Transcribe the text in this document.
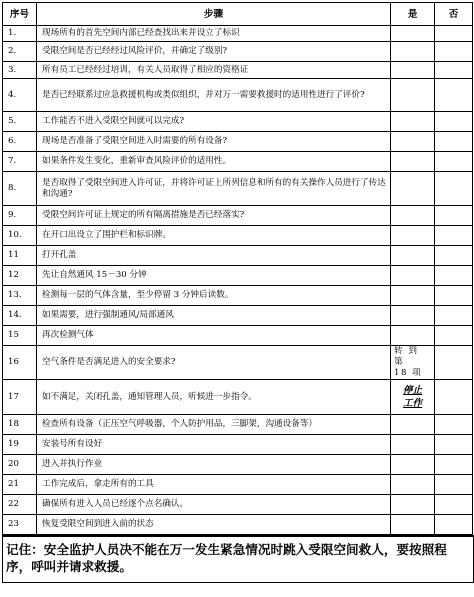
序号	步骤	是	否
1.	现场所有的首先空间内部已经查找出来并设立了标识		
2.	受限空间是否已经经过风险评价，并确定了级别?		
3.	所有员工已经经过培训，有关人员取得了相应的资格证		
4.	是否已经联系过应急救援机构或类似组织，并对万一需要救援时的适用性进行了评价?		
5.	工作能否不进入受限空间就可以完成?		
6.	现场是否准备了受限空间进入时需要的所有设备?		
7.	如果条件发生变化，重新审查风险评价的适用性。		
8.	是否取得了受限空间进入许可证，并将许可证上所列信息和所有的有关操作人员进行了传达和沟通?		
9.	受限空间许可证上规定的所有隔离措施是否已经落实?		
10.	在开口出设立了围护栏和标识牌。		
11	打开孔盖		
12	先让自然通风 15－30 分钟		
13.	检测每一层的气体含量，至少停留 3 分钟后读数。		
14.	如果需要，进行强制通风/局部通风		
15	再次检测气体		
16	空气条件是否满足进入的安全要求?	转 到 第
18 项	

17	如不满足，关闭孔盖，通知管理人员，听候进一步指令。	停止
工作	

18	检查所有设备（正压空气呼吸器，个人防护用品，三脚架，沟通设备等）		
19	安装号所有设好		
20	进入并执行作业		
21	工作完成后，拿走所有的工具		
22	确保所有进入人员已经逐个点名确认。		
23	恢复受限空间到进入前的状态		
记住：安全监护人员决不能在万一发生紧急情况时跳入受限空间救人，要按照程序，呼叫并请求救援。
